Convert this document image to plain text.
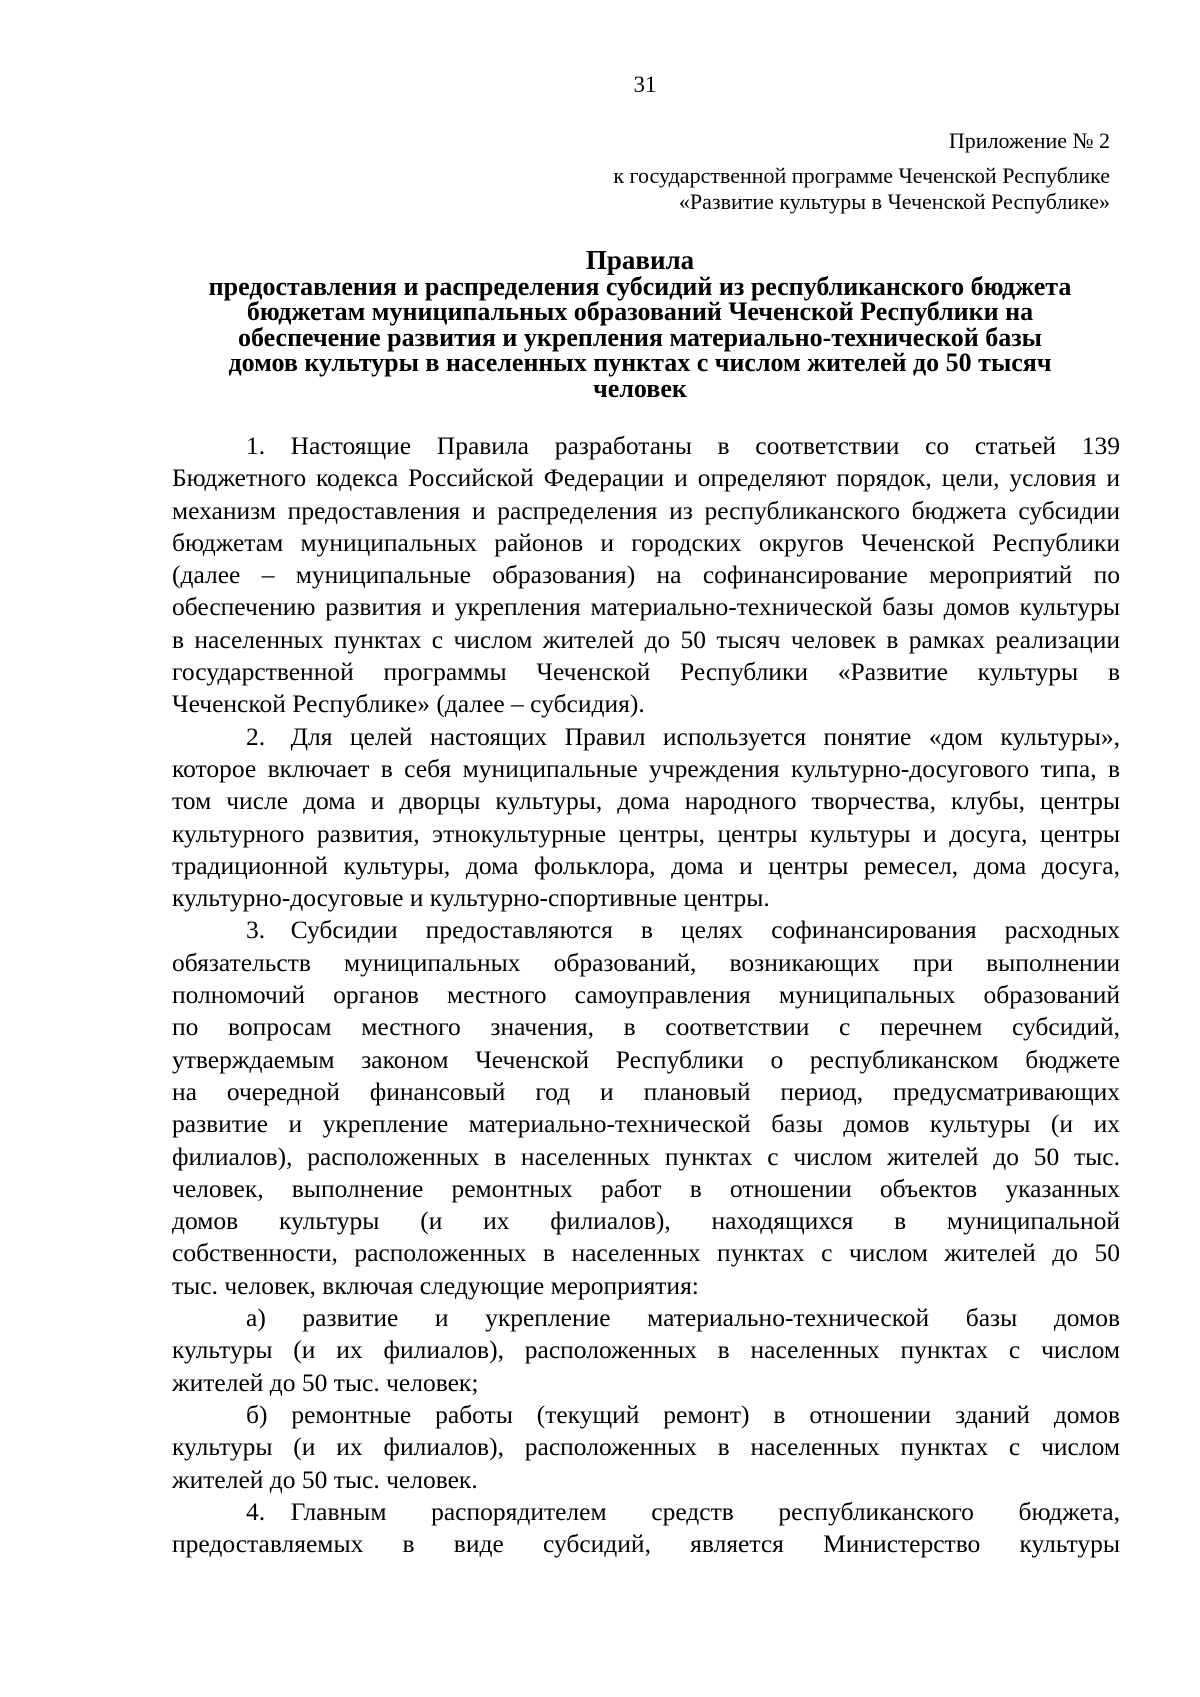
31
Приложение № 2
к государственной программе Чеченской Республике
«Развитие культуры в Чеченской Республике»
Правила
предоставления и распределения субсидий из республиканского бюджета
бюджетам муниципальных образований Чеченской Республики на
обеспечение развития и укрепления материально-технической базы
домов культуры в населенных пунктах с числом жителей до 50 тысяч
человек
1. Настоящие Правила разработаны в соответствии со статьей 139
Бюджетного кодекса Российской Федерации и определяют порядок, цели, условия и
механизм предоставления и распределения из республиканского бюджета субсидии
бюджетам муниципальных районов и городских округов Чеченской Республики
(далее – муниципальные образования) на софинансирование мероприятий по
обеспечению развития и укрепления материально-технической базы домов культуры
в населенных пунктах с числом жителей до 50 тысяч человек в рамках реализации
государственной программы Чеченской Республики «Развитие культуры в
Чеченской Республике» (далее – субсидия).
2. Для целей настоящих Правил используется понятие «дом культуры»,
которое включает в себя муниципальные учреждения культурно-досугового типа, в
том числе дома и дворцы культуры, дома народного творчества, клубы, центры
культурного развития, этнокультурные центры, центры культуры и досуга, центры
традиционной культуры, дома фольклора, дома и центры ремесел, дома досуга,
культурно-досуговые и культурно-спортивные центры.
3. Субсидии предоставляются в целях софинансирования расходных
обязательств муниципальных образований, возникающих при выполнении
полномочий органов местного самоуправления муниципальных образований
по вопросам местного значения, в соответствии с перечнем субсидий,
утверждаемым законом Чеченской Республики о республиканском бюджете
на очередной финансовый год и плановый период, предусматривающих
развитие и укрепление материально-технической базы домов культуры (и их
филиалов), расположенных в населенных пунктах с числом жителей до 50 тыс.
человек, выполнение ремонтных работ в отношении объектов указанных
домов культуры (и их филиалов), находящихся в муниципальной
собственности, расположенных в населенных пунктах с числом жителей до 50
тыс. человек, включая следующие мероприятия:
а) развитие и укрепление материально-технической базы домов
культуры (и их филиалов), расположенных в населенных пунктах с числом
жителей до 50 тыс. человек;
б) ремонтные работы (текущий ремонт) в отношении зданий домов
культуры (и их филиалов), расположенных в населенных пунктах с числом
жителей до 50 тыс. человек.
4. Главным распорядителем средств республиканского бюджета,
предоставляемых в виде субсидий, является Министерство культуры
